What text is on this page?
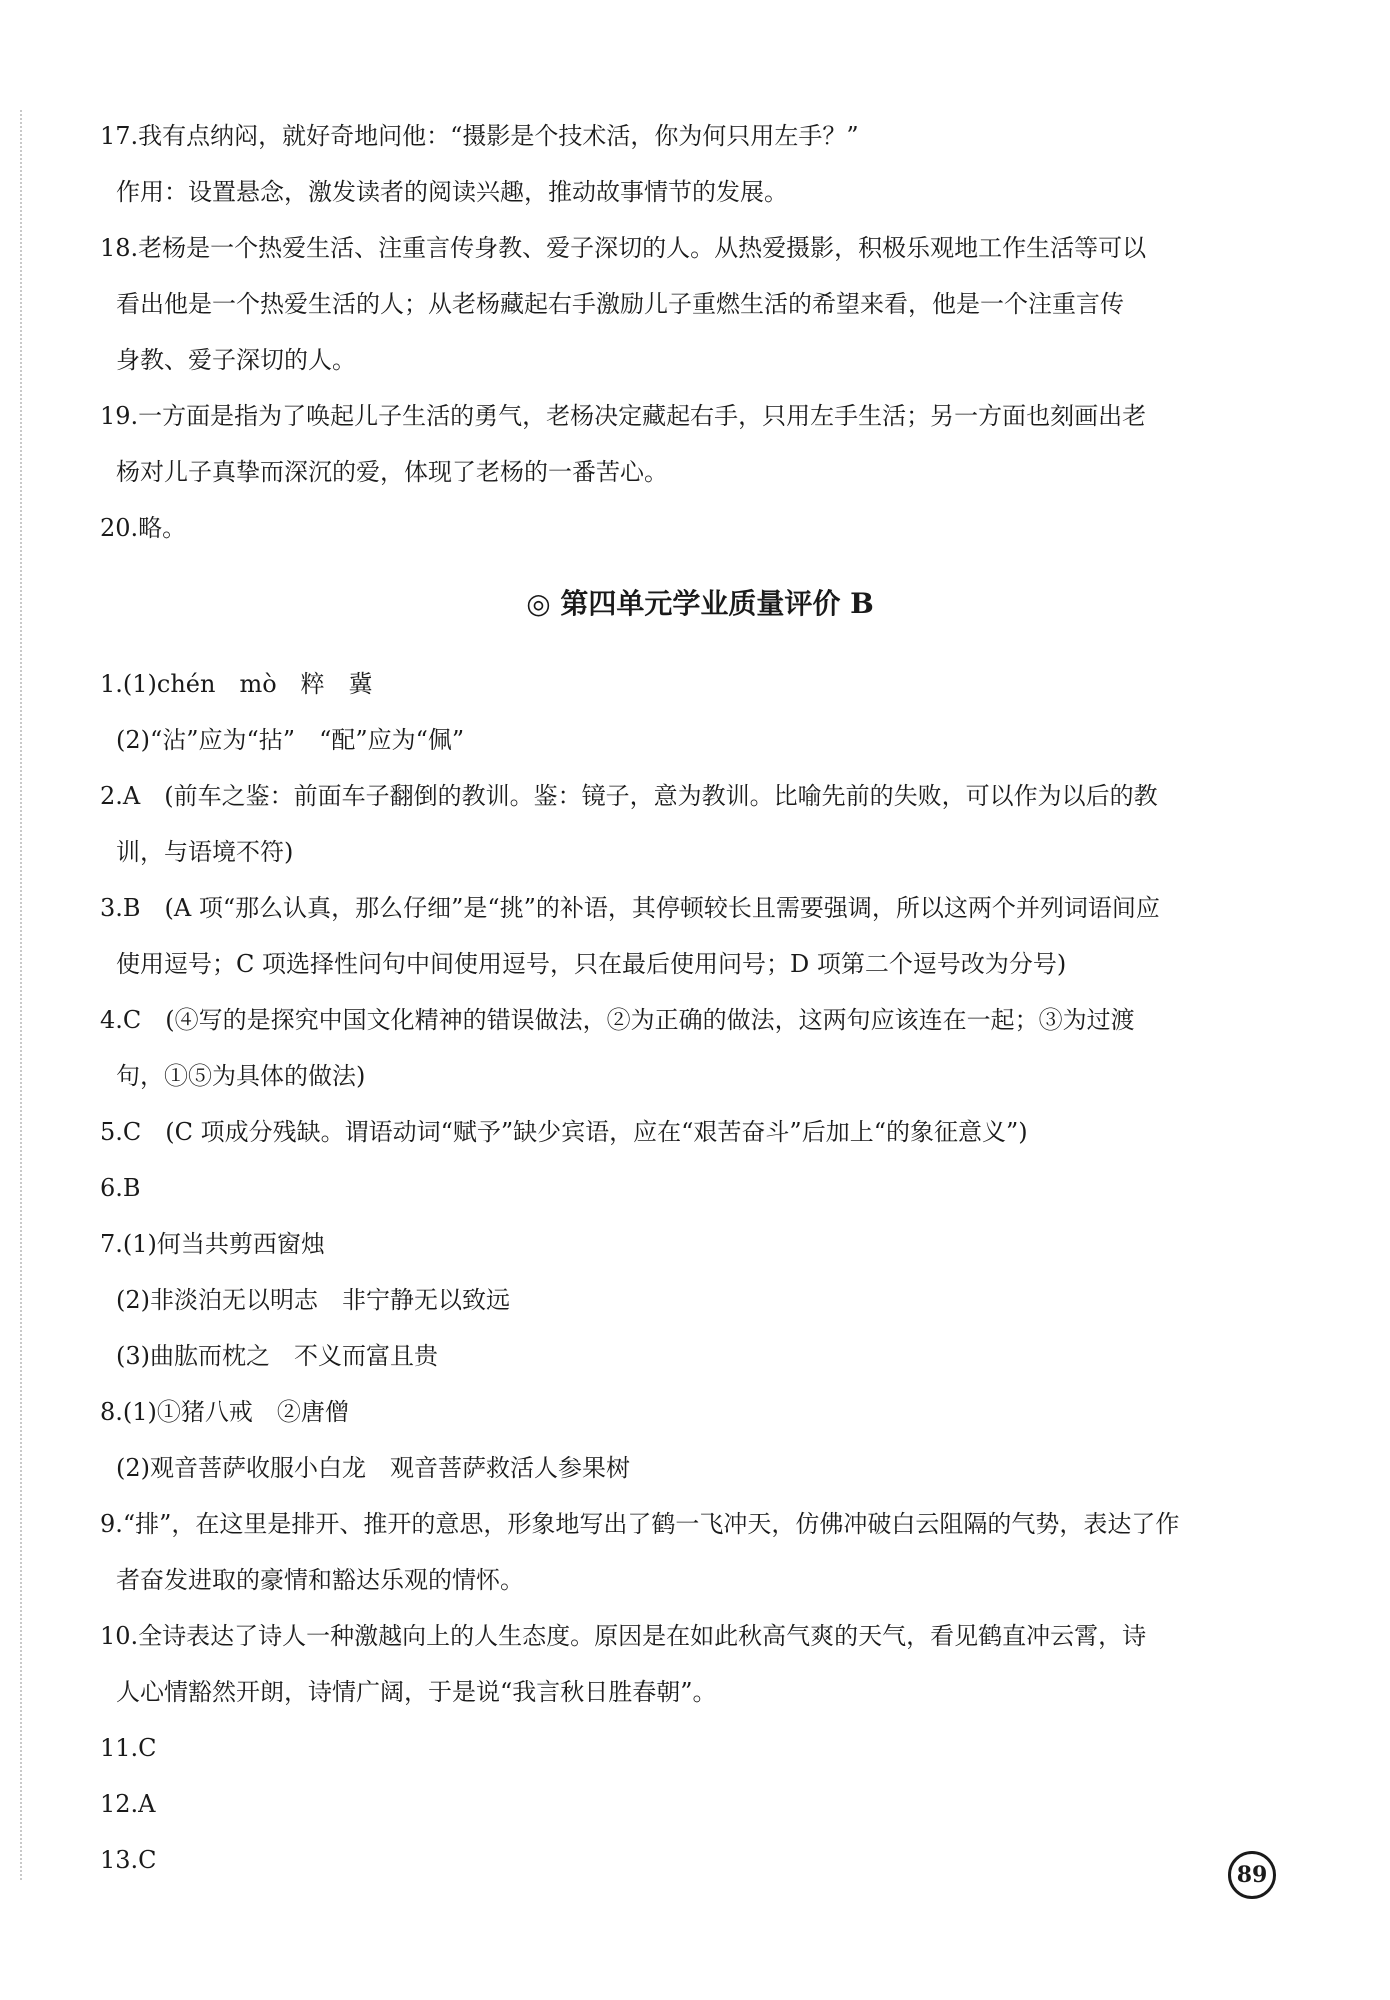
17.我有点纳闷，就好奇地问他：“摄影是个技术活，你为何只用左手？”
作用：设置悬念，激发读者的阅读兴趣，推动故事情节的发展。
18.老杨是一个热爱生活、注重言传身教、爱子深切的人。从热爱摄影，积极乐观地工作生活等可以
看出他是一个热爱生活的人；从老杨藏起右手激励儿子重燃生活的希望来看，他是一个注重言传
身教、爱子深切的人。
19.一方面是指为了唤起儿子生活的勇气，老杨决定藏起右手，只用左手生活；另一方面也刻画出老
杨对儿子真挚而深沉的爱，体现了老杨的一番苦心。
20.略。
◎ 第四单元学业质量评价 B
1.(1)chén　mò　粹　冀
(2)“沾”应为“拈”　“配”应为“佩”
2.A　(前车之鉴：前面车子翻倒的教训。鉴：镜子，意为教训。比喻先前的失败，可以作为以后的教
训，与语境不符)
3.B　(A 项“那么认真，那么仔细”是“挑”的补语，其停顿较长且需要强调，所以这两个并列词语间应
使用逗号；C 项选择性问句中间使用逗号，只在最后使用问号；D 项第二个逗号改为分号)
4.C　(④写的是探究中国文化精神的错误做法，②为正确的做法，这两句应该连在一起；③为过渡
句，①⑤为具体的做法)
5.C　(C 项成分残缺。谓语动词“赋予”缺少宾语，应在“艰苦奋斗”后加上“的象征意义”)
6.B
7.(1)何当共剪西窗烛
(2)非淡泊无以明志　非宁静无以致远
(3)曲肱而枕之　不义而富且贵
8.(1)①猪八戒　②唐僧
(2)观音菩萨收服小白龙　观音菩萨救活人参果树
9.“排”，在这里是排开、推开的意思，形象地写出了鹤一飞冲天，仿佛冲破白云阻隔的气势，表达了作
者奋发进取的豪情和豁达乐观的情怀。
10.全诗表达了诗人一种激越向上的人生态度。原因是在如此秋高气爽的天气，看见鹤直冲云霄，诗
人心情豁然开朗，诗情广阔，于是说“我言秋日胜春朝”。
11.C
12.A
13.C
89
